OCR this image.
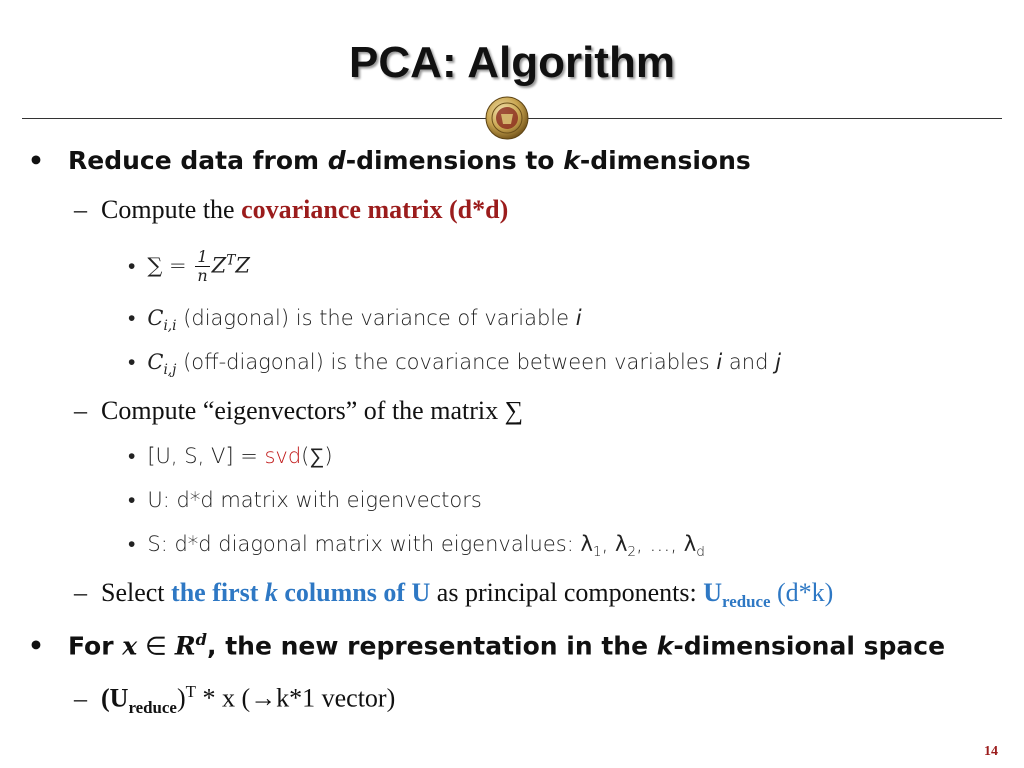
PCA: Algorithm
• Reduce data from d-dimensions to k-dimensions
– Compute the covariance matrix (d*d)
• ∑ = $\frac{1}{n} Z^TZ$
• $C_{i,i}$ (diagonal) is the variance of variable i
• $C_{i,j}$ (off-diagonal) is the covariance between variables i and j
– Compute “eigenvectors” of the matrix ∑
• [U, S, V] = svd(∑)
• U: d*d matrix with eigenvectors
• S: d*d diagonal matrix with eigenvalues: $\lambda_1$, $\lambda_2$, …, $\lambda_d$
– Select the first k columns of U as principal components: $U_{reduce}$ (d*k)
• For x ∈ $R^d$, the new representation in the k-dimensional space
– $(U_{reduce})^T$ * x (→k*1 vector)
14
